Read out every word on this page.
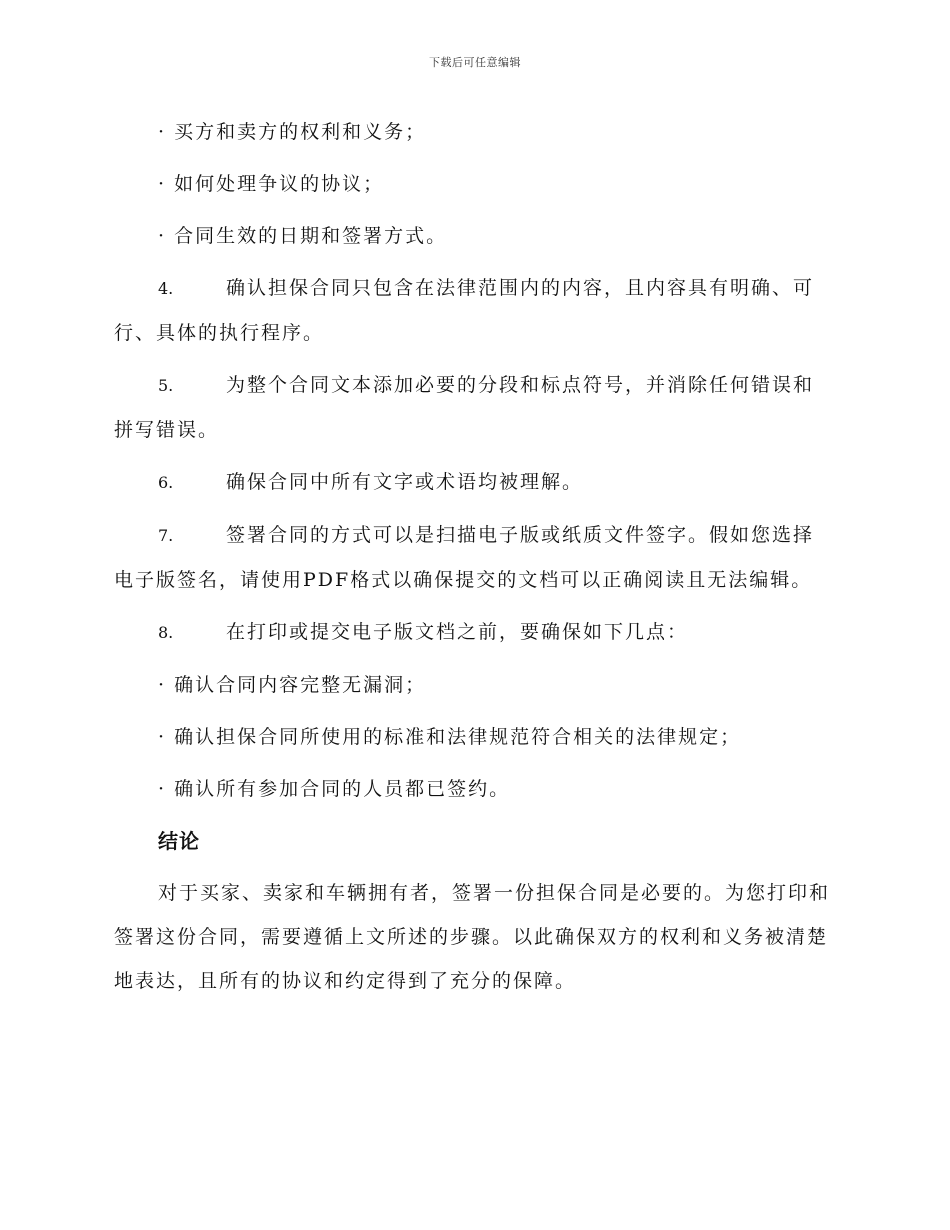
下载后可任意编辑

· 买方和卖方的权利和义务；

· 如何处理争议的协议；

· 合同生效的日期和签署方式。

4.	确认担保合同只包含在法律范围内的内容，且内容具有明确、可行、具体的执行程序。

5.	为整个合同文本添加必要的分段和标点符号，并消除任何错误和拼写错误。

6.	确保合同中所有文字或术语均被理解。

7.	签署合同的方式可以是扫描电子版或纸质文件签字。假如您选择电子版签名，请使用PDF格式以确保提交的文档可以正确阅读且无法编辑。

8.	在打印或提交电子版文档之前，要确保如下几点：

· 确认合同内容完整无漏洞；

· 确认担保合同所使用的标准和法律规范符合相关的法律规定；

· 确认所有参加合同的人员都已签约。

结论

对于买家、卖家和车辆拥有者，签署一份担保合同是必要的。为您打印和签署这份合同，需要遵循上文所述的步骤。以此确保双方的权利和义务被清楚地表达，且所有的协议和约定得到了充分的保障。
